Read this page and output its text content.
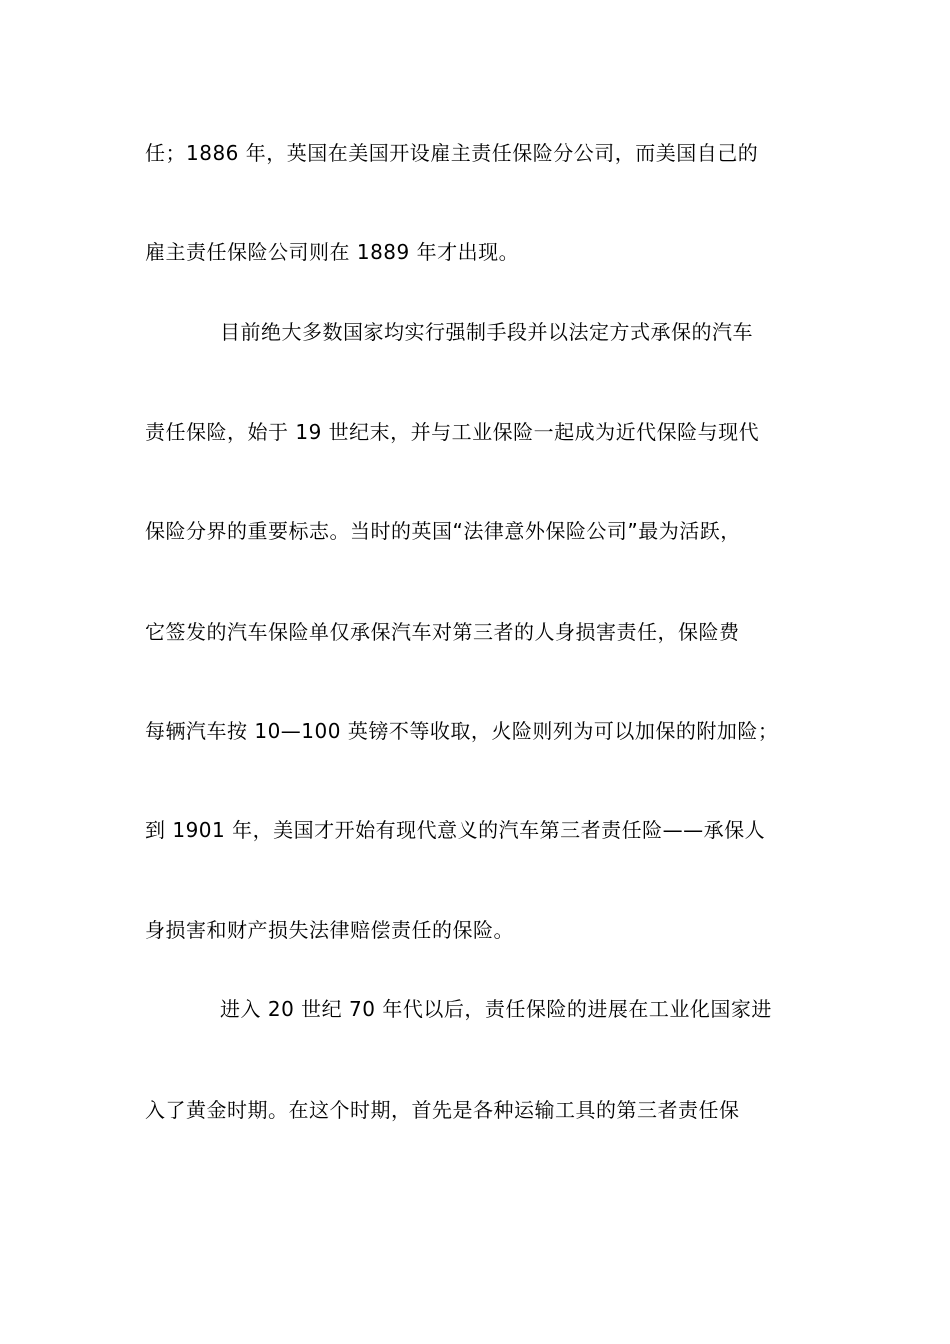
任；1886 年，英国在美国开设雇主责任保险分公司，而美国自己的
雇主责任保险公司则在 1889 年才出现。
目前绝大多数国家均实行强制手段并以法定方式承保的汽车
责任保险，始于 19 世纪末，并与工业保险一起成为近代保险与现代
保险分界的重要标志。当时的英国“法律意外保险公司”最为活跃，
它签发的汽车保险单仅承保汽车对第三者的人身损害责任，保险费
每辆汽车按 10—100 英镑不等收取，火险则列为可以加保的附加险；
到 1901 年，美国才开始有现代意义的汽车第三者责任险——承保人
身损害和财产损失法律赔偿责任的保险。
进入 20 世纪 70 年代以后，责任保险的进展在工业化国家进
入了黄金时期。在这个时期，首先是各种运输工具的第三者责任保
